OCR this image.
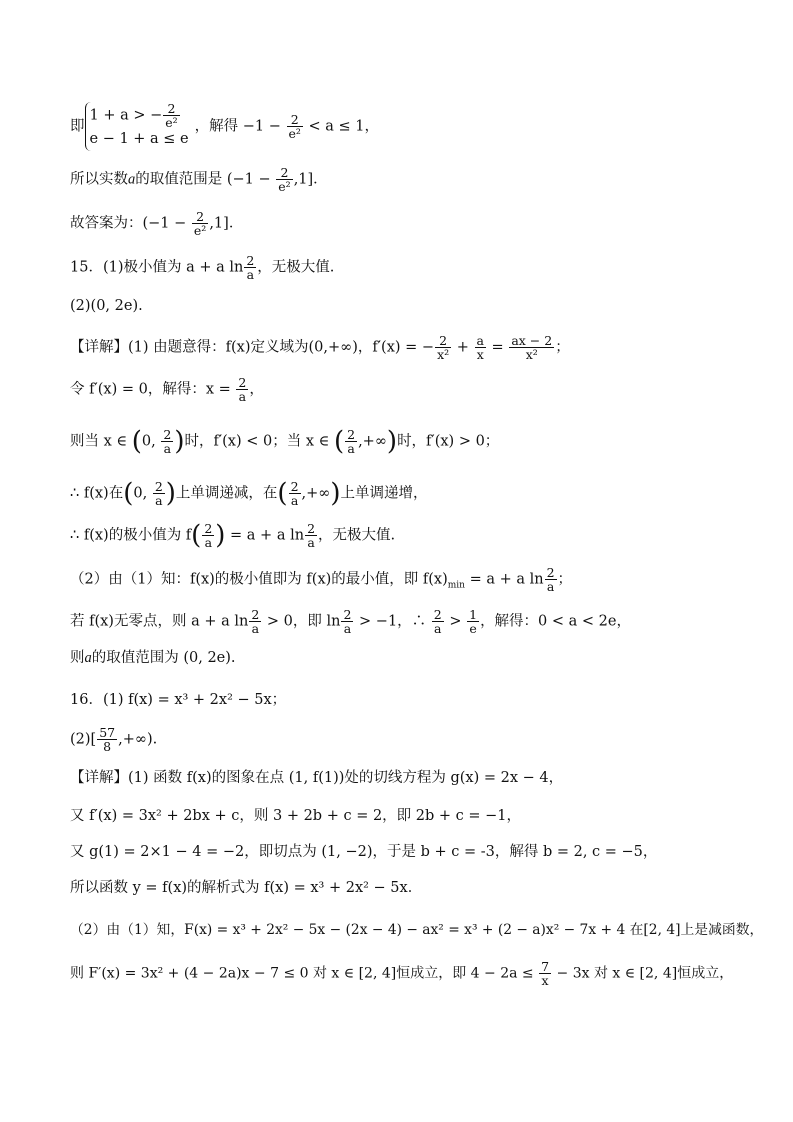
即
1 + a > − $\frac{2}{\text{e²}}$
e − 1 + a ≤ e
，解得 $-1 - \frac{2}{\text{e²}} < a \le 1$，
所以实数a的取值范围是 $(-1 - \frac{2}{\text{e²}} ,1]$．
故答案为：$(-1 - \frac{2}{\text{e²}} ,1]$．
15．(1)极小值为 a + a $\ln \frac{2}{a}$ ，无极大值.
(2)(0, 2e).
【详解】(1) 由题意得：f(x)定义域为(0,+∞)，f′(x) = − $\frac{2}{\text{x²}} + \frac{a}{x} = \frac{ax - 2}{\text{x²}}$ ；
令 f′(x) = 0，解得：$x = \frac{2}{a}$ ，
则当 x ∈ (0, $\frac{2}{a}$ )时，f′(x) < 0；当 x ∈ ( $\frac{2}{a}$ ,+∞)时，f′(x) > 0；
∴ f(x)在(0, $\frac{2}{a}$ )上单调递减，在( $\frac{2}{a}$ ,+∞)上单调递增，
∴ f(x)的极小值为 $f( \frac{2}{a}$ ) = a + a $\ln \frac{2}{a}$ ，无极大值.
（2）由（1）知：f(x)的极小值即为 f(x)的最小值，即 $f(x)_{min} = a + a$ $\ln \frac{2}{a}$ ；
若 f(x)无零点，则 a + a $\ln \frac{2}{a} > 0$，即 $\ln \frac{2}{a} > -1$，∴ $\frac{2}{a} > \frac{1}{e}$ ，解得：0 < a < 2e，
则a的取值范围为 (0, 2e).
16．(1) f(x) = x³ + 2x² − 5x；
$(2)[ \frac{57}{8}$ ,+∞).
【详解】(1) 函数 f(x)的图象在点 (1, f(1))处的切线方程为 g(x) = 2x − 4，
又 f′(x) = 3x² + 2bx + c，则 3 + 2b + c = 2，即 2b + c = −1，
又 g(1) = 2×1 − 4 = −2，即切点为 (1, −2)，于是 b + c = -3，解得 b = 2, c = −5，
所以函数 y = f(x)的解析式为 f(x) = x³ + 2x² − 5x．
（2）由（1）知，F(x) = x³ + 2x² − 5x − (2x − 4) − ax² = x³ + (2 − a)x² − 7x + 4 在[2, 4]上是减函数，
则 F′(x) = 3x² + (4 − 2a)x − 7 ≤ 0 对 x ∈ [2, 4]恒成立，即 $4 - 2a \le \frac{7}{x} - 3x$ 对 x ∈ [2, 4]恒成立，
